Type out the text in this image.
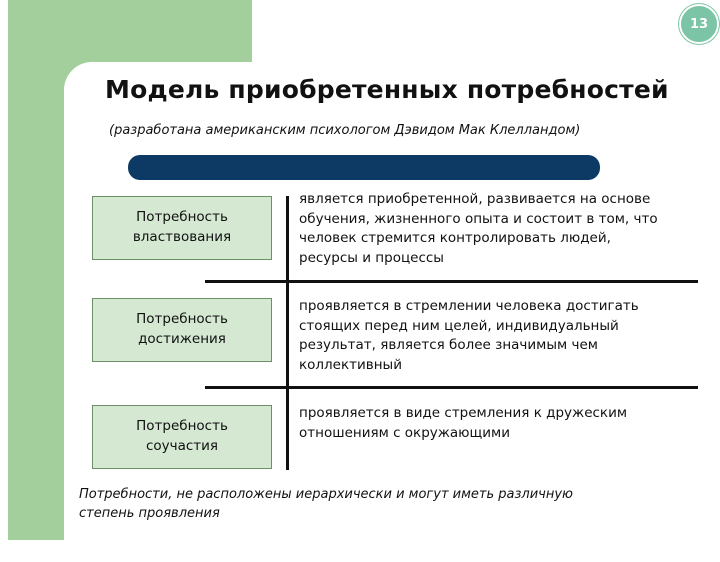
13
Модель приобретенных потребностей
(разработана американским психологом Дэвидом Мак Клелландом)
Потребность
властвования
Потребность
достижения
Потребность
соучастия
является приобретенной, развивается на основе
обучения, жизненного опыта и состоит в том, что
человек стремится контролировать людей,
ресурсы и процессы
проявляется в стремлении человека достигать
стоящих перед ним целей, индивидуальный
результат, является более значимым чем
коллективный
проявляется в виде стремления к дружеским
отношениям с окружающими
Потребности, не расположены иерархически и могут иметь различную
степень проявления
